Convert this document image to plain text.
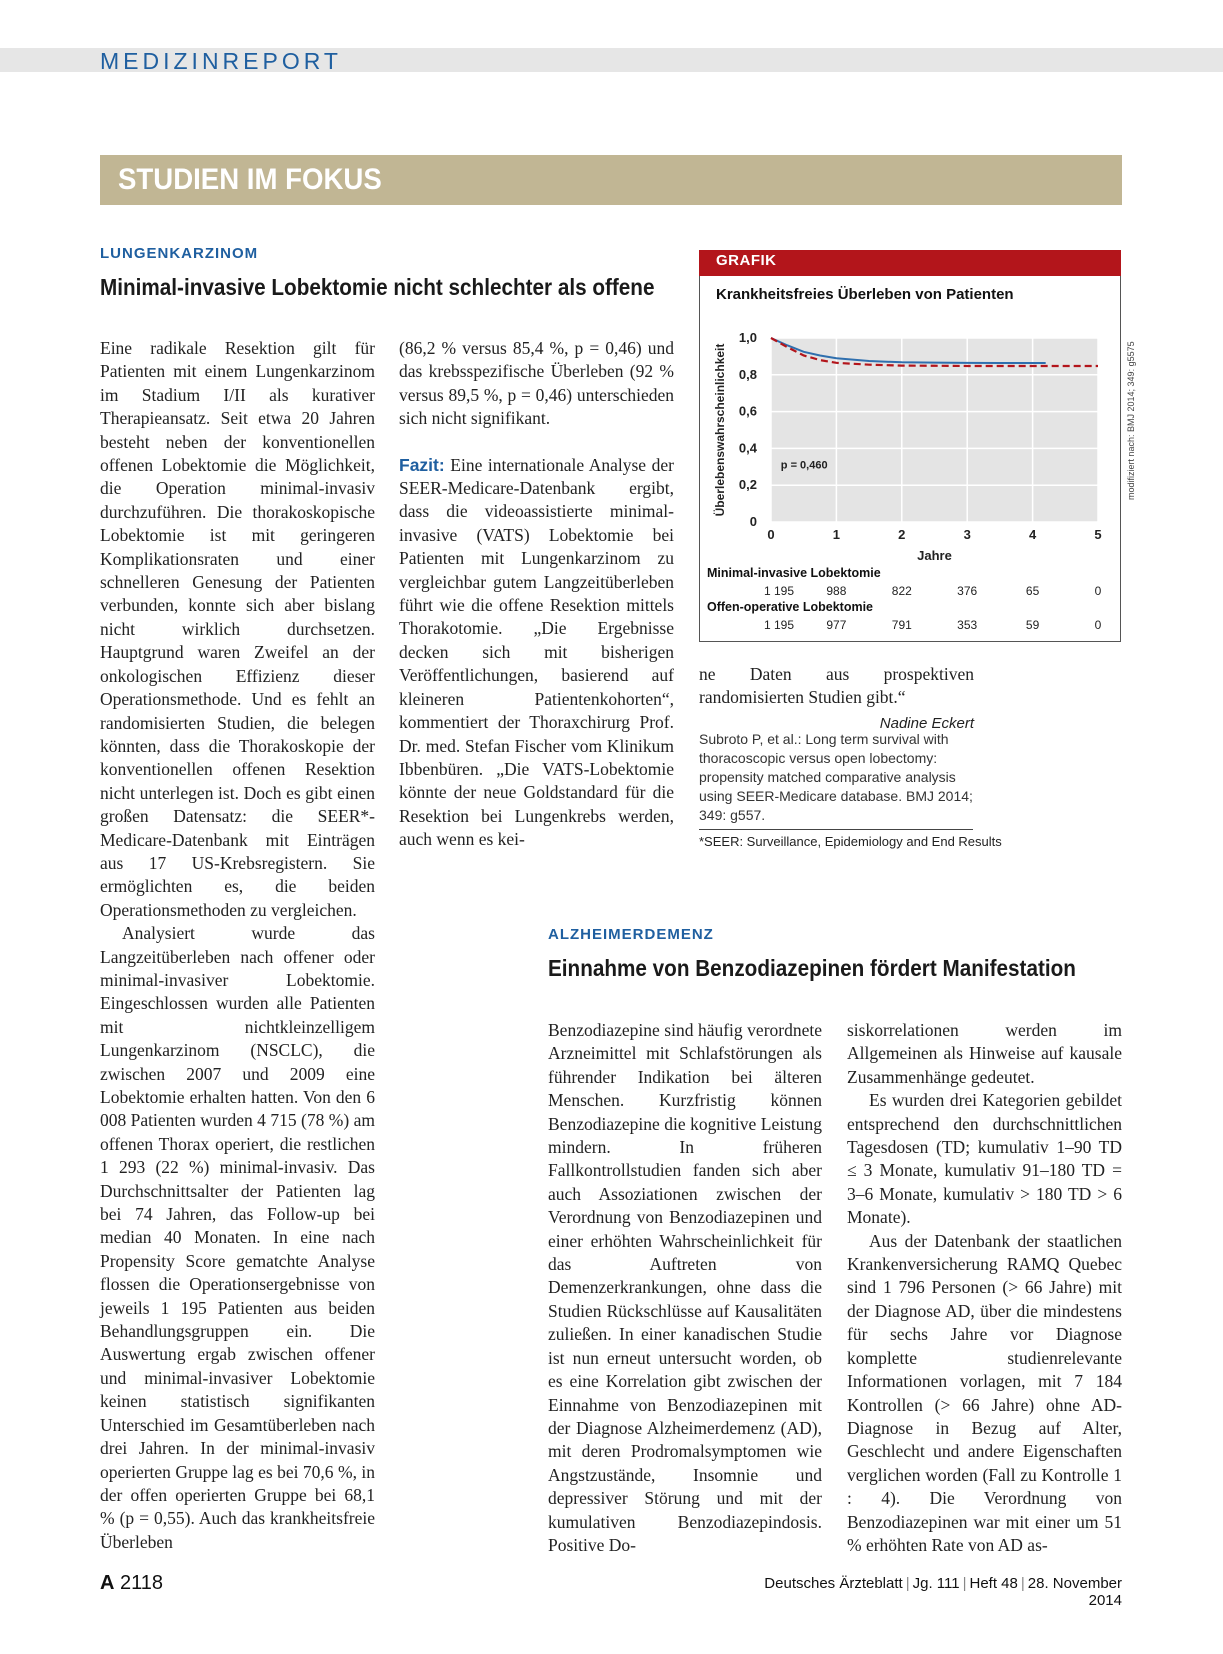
MEDIZINREPORT
STUDIEN IM FOKUS
LUNGENKARZINOM
Minimal-invasive Lobektomie nicht schlechter als offene

Eine radikale Resektion gilt für Patienten mit einem Lungenkarzinom im Stadium I/II als kurativer Therapieansatz. Seit etwa 20 Jahren besteht neben der konventionellen offenen Lobektomie die Möglichkeit, die Operation minimal-invasiv durchzuführen. Die thorakoskopische Lobektomie ist mit geringeren Komplikationsraten und einer schnelleren Genesung der Patienten verbunden, konnte sich aber bislang nicht wirklich durchsetzen. Hauptgrund waren Zweifel an der onkologischen Effizienz dieser Operationsmethode. Und es fehlt an randomisierten Studien, die belegen könnten, dass die Thorakoskopie der konventionellen offenen Resektion nicht unterlegen ist. Doch es gibt einen großen Datensatz: die SEER*-Medicare-Datenbank mit Einträgen aus 17 US-Krebsregistern. Sie ermöglichten es, die beiden Operationsmethoden zu vergleichen.

Analysiert wurde das Langzeitüberleben nach offener oder minimal-invasiver Lobektomie. Eingeschlossen wurden alle Patienten mit nichtkleinzelligem Lungenkarzinom (NSCLC), die zwischen 2007 und 2009 eine Lobektomie erhalten hatten. Von den 6 008 Patienten wurden 4 715 (78 %) am offenen Thorax operiert, die restlichen 1 293 (22 %) minimal-invasiv. Das Durchschnittsalter der Patienten lag bei 74 Jahren, das Follow-up bei median 40 Monaten. In eine nach Propensity Score gematchte Analyse flossen die Operationsergebnisse von jeweils 1 195 Patienten aus beiden Behandlungsgruppen ein. Die Auswertung ergab zwischen offener und minimal-invasiver Lobektomie keinen statistisch signifikanten Unterschied im Gesamtüberleben nach drei Jahren. In der minimal-invasiv operierten Gruppe lag es bei 70,6 %, in der offen operierten Gruppe bei 68,1 % (p = 0,55). Auch das krankheitsfreie Überleben

(86,2 % versus 85,4 %, p = 0,46) und das krebsspezifische Überleben (92 % versus 89,5 %, p = 0,46) unterschieden sich nicht signifikant.

Fazit: Eine internationale Analyse der SEER-Medicare-Datenbank ergibt, dass die videoassistierte minimal-invasive (VATS) Lobektomie bei Patienten mit Lungenkarzinom zu vergleichbar gutem Langzeitüberleben führt wie die offene Resektion mittels Thorakotomie. „Die Ergebnisse decken sich mit bisherigen Veröffentlichungen, basierend auf kleineren Patientenkohorten“, kommentiert der Thoraxchirurg Prof. Dr. med. Stefan Fischer vom Klinikum Ibbenbüren. „Die VATS-Lobektomie könnte der neue Goldstandard für die Resektion bei Lungenkrebs werden, auch wenn es kei-

GRAFIK
Krankheitsfreies Überleben von Patienten
0	1	2	3	4	5
1,0
0,8
0,6
0,4
0,2
0
Überlebenswahrscheinlichkeit
Jahre
p = 0,460
Minimal-invasive Lobektomie
1 195	988	822	376	65	0
Offen-operative Lobektomie
1 195	977	791	353	59	0
modifiziert nach: BMJ 2014; 349: g5575

ne Daten aus prospektiven randomisierten Studien gibt.“
Nadine Eckert

Subroto P, et al.: Long term survival with thoracoscopic versus open lobectomy: propensity matched comparative analysis using SEER-Medicare database. BMJ 2014; 349: g557.
*SEER: Surveillance, Epidemiology and End Results
ALZHEIMERDEMENZ
Einnahme von Benzodiazepinen fördert Manifestation

Benzodiazepine sind häufig verordnete Arzneimittel mit Schlafstörungen als führender Indikation bei älteren Menschen. Kurzfristig können Benzodiazepine die kognitive Leistung mindern. In früheren Fallkontrollstudien fanden sich aber auch Assoziationen zwischen der Verordnung von Benzodiazepinen und einer erhöhten Wahrscheinlichkeit für das Auftreten von Demenzerkrankungen, ohne dass die Studien Rückschlüsse auf Kausalitäten zuließen. In einer kanadischen Studie ist nun erneut untersucht worden, ob es eine Korrelation gibt zwischen der Einnahme von Benzodiazepinen mit der Diagnose Alzheimerdemenz (AD), mit deren Prodromalsymptomen wie Angstzustände, Insomnie und depressiver Störung und mit der kumulativen Benzodiazepindosis. Positive Do-

siskorrelationen werden im Allgemeinen als Hinweise auf kausale Zusammenhänge gedeutet.

Es wurden drei Kategorien gebildet entsprechend den durchschnittlichen Tagesdosen (TD; kumulativ 1–90 TD ≤ 3 Monate, kumulativ 91–180 TD = 3–6 Monate, kumulativ > 180 TD > 6 Monate).

Aus der Datenbank der staatlichen Krankenversicherung RAMQ Quebec sind 1 796 Personen (> 66 Jahre) mit der Diagnose AD, über die mindestens für sechs Jahre vor Diagnose komplette studienrelevante Informationen vorlagen, mit 7 184 Kontrollen (> 66 Jahre) ohne AD-Diagnose in Bezug auf Alter, Geschlecht und andere Eigenschaften verglichen worden (Fall zu Kontrolle 1 : 4). Die Verordnung von Benzodiazepinen war mit einer um 51 % erhöhten Rate von AD as-

A 2118	Deutsches Ärzteblatt | Jg. 111 | Heft 48 | 28. November 2014
